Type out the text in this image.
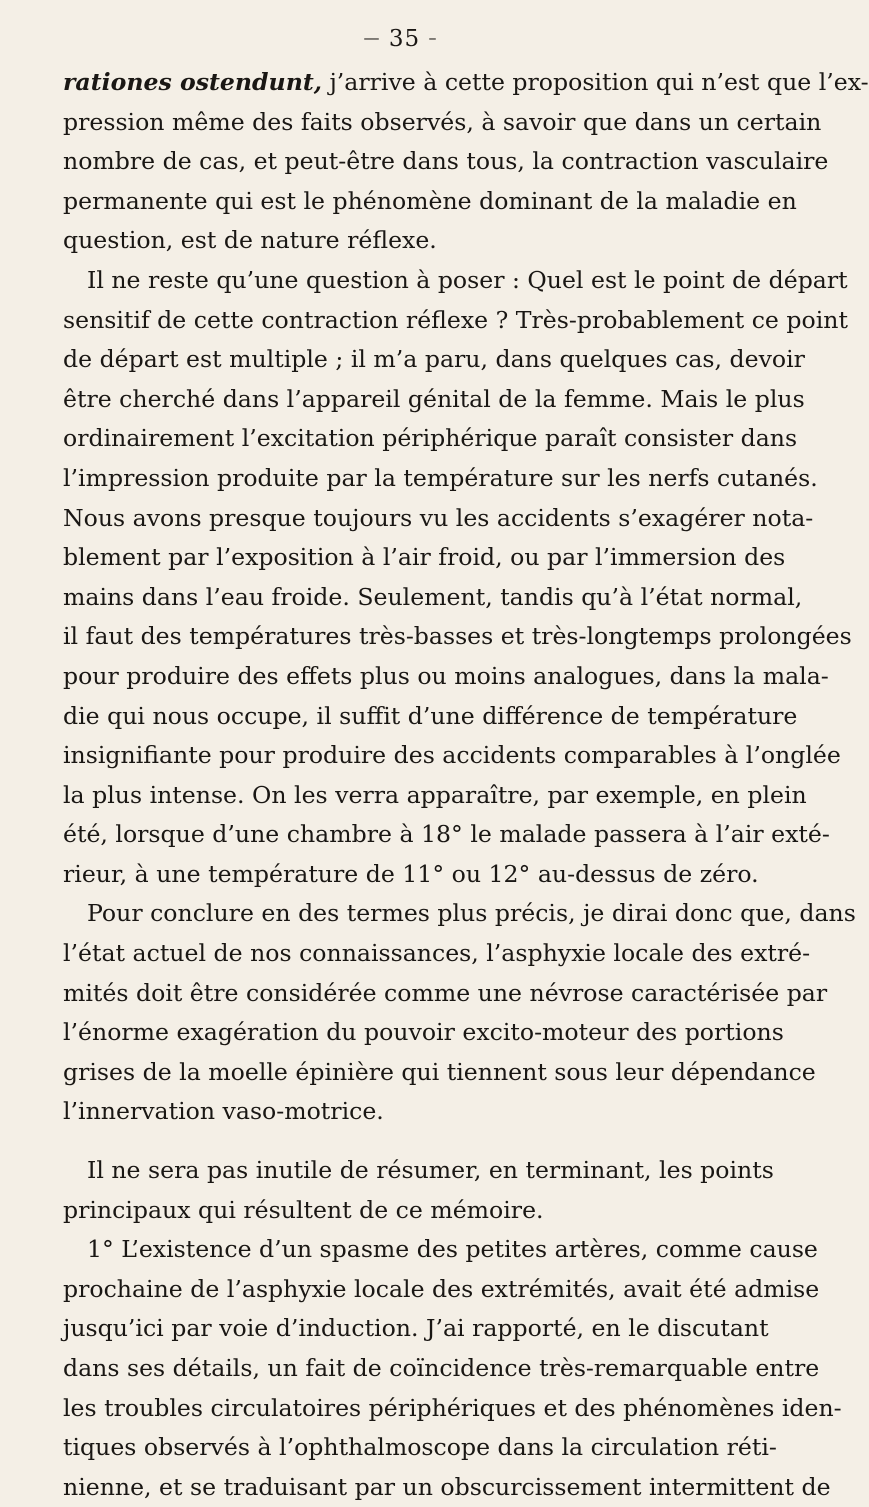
— 35 –
rationes ostendunt, j’arrive à cette proposition qui n’est que l’ex-
pression même des faits observés, à savoir que dans un certain
nombre de cas, et peut-être dans tous, la contraction vasculaire
permanente qui est le phénomène dominant de la maladie en
question, est de nature réflexe.
Il ne reste qu’une question à poser : Quel est le point de départ
sensitif de cette contraction réflexe ? Très-probablement ce point
de départ est multiple ; il m’a paru, dans quelques cas, devoir
être cherché dans l’appareil génital de la femme. Mais le plus
ordinairement l’excitation périphérique paraît consister dans
l’impression produite par la température sur les nerfs cutanés.
Nous avons presque toujours vu les accidents s’exagérer nota-
blement par l’exposition à l’air froid, ou par l’immersion des
mains dans l’eau froide. Seulement, tandis qu’à l’état normal,
il faut des températures très-basses et très-longtemps prolongées
pour produire des effets plus ou moins analogues, dans la mala-
die qui nous occupe, il suffit d’une différence de température
insignifiante pour produire des accidents comparables à l’onglée
la plus intense. On les verra apparaître, par exemple, en plein
été, lorsque d’une chambre à 18° le malade passera à l’air exté-
rieur, à une température de 11° ou 12° au-dessus de zéro.
Pour conclure en des termes plus précis, je dirai donc que, dans
l’état actuel de nos connaissances, l’asphyxie locale des extré-
mités doit être considérée comme une névrose caractérisée par
l’énorme exagération du pouvoir excito-moteur des portions
grises de la moelle épinière qui tiennent sous leur dépendance
l’innervation vaso-motrice.
Il ne sera pas inutile de résumer, en terminant, les points
principaux qui résultent de ce mémoire.
1° L’existence d’un spasme des petites artères, comme cause
prochaine de l’asphyxie locale des extrémités, avait été admise
jusqu’ici par voie d’induction. J’ai rapporté, en le discutant
dans ses détails, un fait de coïncidence très-remarquable entre
les troubles circulatoires périphériques et des phénomènes iden-
tiques observés à l’ophthalmoscope dans la circulation réti-
nienne, et se traduisant par un obscurcissement intermittent de
